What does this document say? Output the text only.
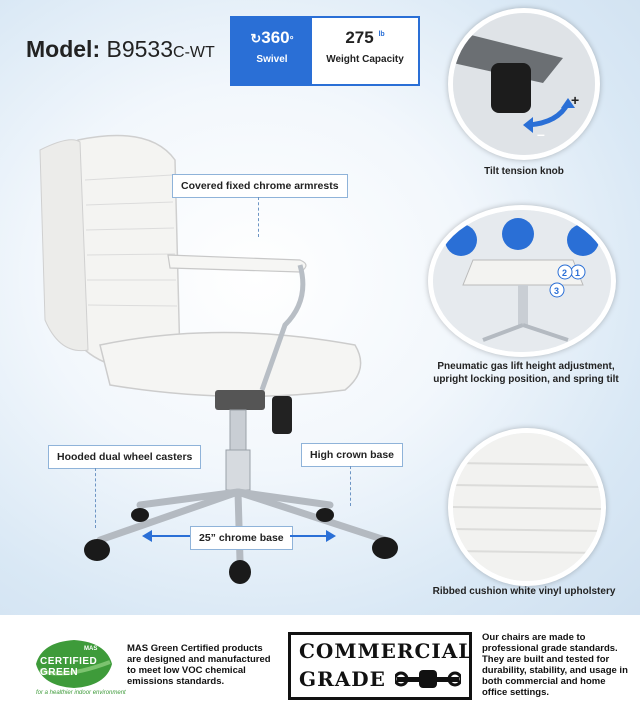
Model: B9533C-WT
↻360°
Swivel
275 lb
Weight Capacity
Covered fixed chrome armrests
Hooded dual wheel casters	High crown base
25” chrome base
+
–
Tilt tension knob
1
2
3
Pneumatic gas lift height adjustment, upright locking position, and spring tilt
Ribbed cushion white vinyl upholstery
MAS
CERTIFIED GREEN
for a healthier indoor environment
MAS Green Certified products are designed and manufactured to meet low VOC chemical emissions standards.
COMMERCIAL
GRADE
Our chairs are made to professional grade standards. They are built and tested for durability, stability, and usage in both commercial and home office settings.
